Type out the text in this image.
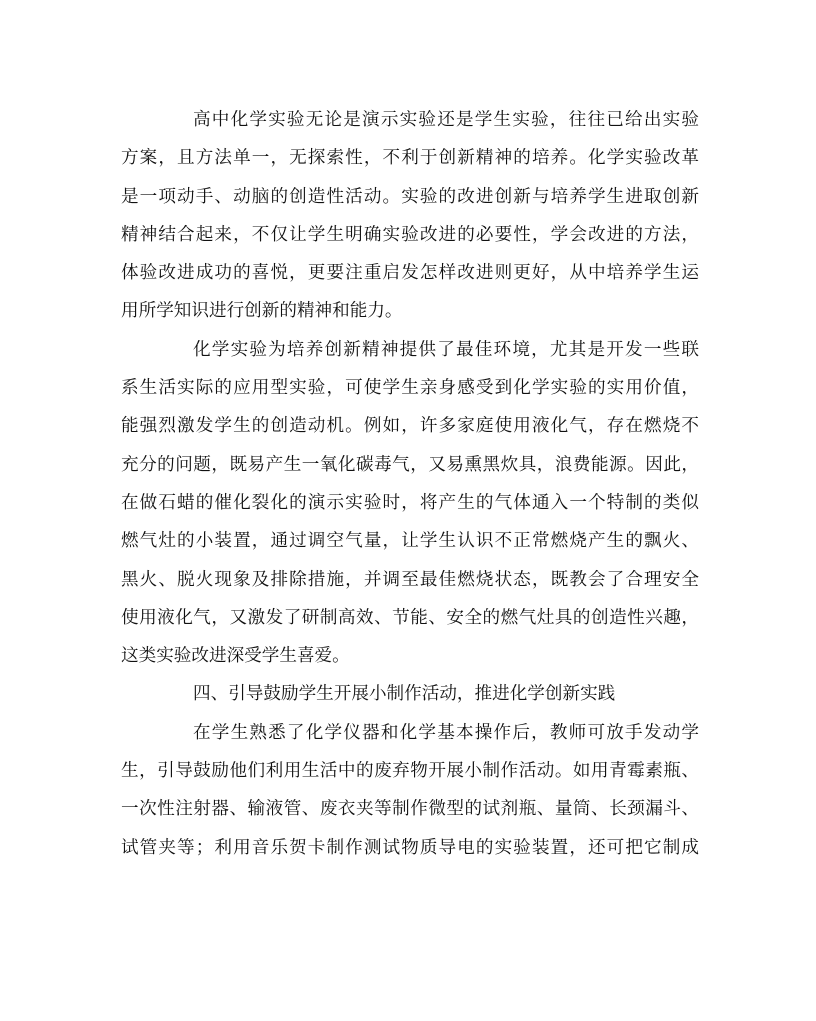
高中化学实验无论是演示实验还是学生实验，往往已给出实验
方案，且方法单一，无探索性，不利于创新精神的培养。化学实验改革
是一项动手、动脑的创造性活动。实验的改进创新与培养学生进取创新
精神结合起来，不仅让学生明确实验改进的必要性，学会改进的方法，
体验改进成功的喜悦，更要注重启发怎样改进则更好，从中培养学生运
用所学知识进行创新的精神和能力。
化学实验为培养创新精神提供了最佳环境，尤其是开发一些联
系生活实际的应用型实验，可使学生亲身感受到化学实验的实用价值，
能强烈激发学生的创造动机。例如，许多家庭使用液化气，存在燃烧不
充分的问题，既易产生一氧化碳毒气，又易熏黑炊具，浪费能源。因此，
在做石蜡的催化裂化的演示实验时，将产生的气体通入一个特制的类似
燃气灶的小装置，通过调空气量，让学生认识不正常燃烧产生的飘火、
黑火、脱火现象及排除措施，并调至最佳燃烧状态，既教会了合理安全
使用液化气，又激发了研制高效、节能、安全的燃气灶具的创造性兴趣，
这类实验改进深受学生喜爱。
四、引导鼓励学生开展小制作活动，推进化学创新实践
在学生熟悉了化学仪器和化学基本操作后，教师可放手发动学
生，引导鼓励他们利用生活中的废弃物开展小制作活动。如用青霉素瓶、
一次性注射器、输液管、废衣夹等制作微型的试剂瓶、量筒、长颈漏斗、
试管夹等；利用音乐贺卡制作测试物质导电的实验装置，还可把它制成
